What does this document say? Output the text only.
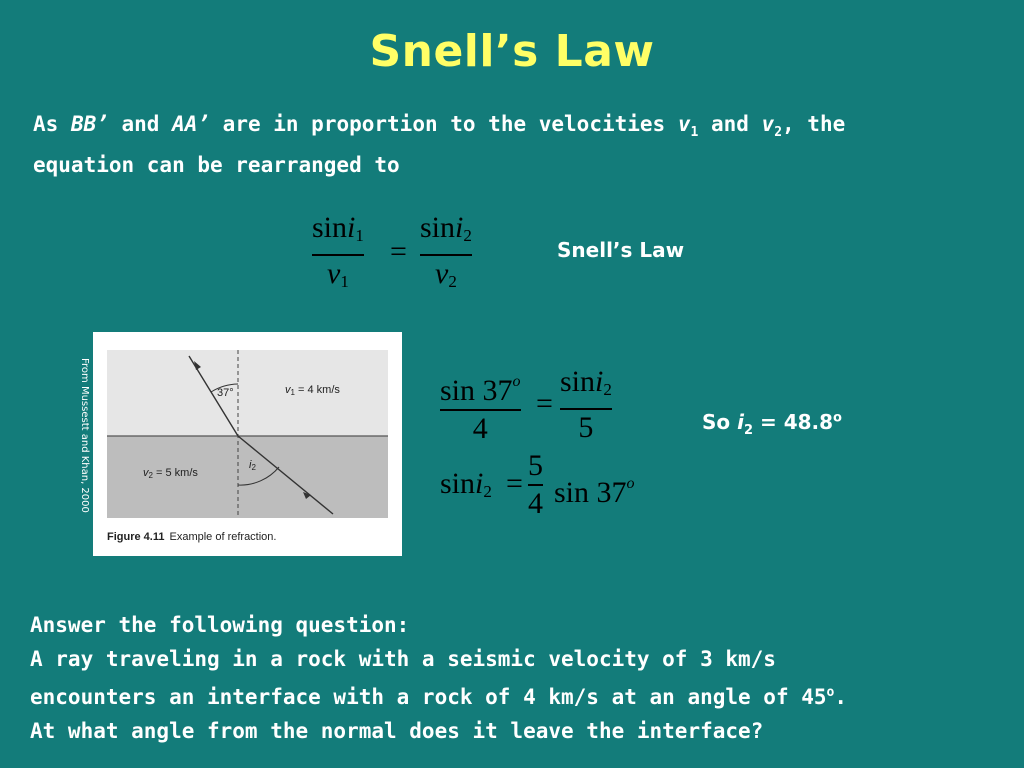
Snell’s Law
As BB’ and AA’ are in proportion to the velocities $v_1$ and $v_2$, the
equation can be rearranged to
sini$_1$
$v_1$
=
sini$_2$
$v_2$
Snell’s Law
From Mussestt and Khan, 2000	37°	v1 = 4 km/s
v2 = 5 km/s
i2
Figure 4.11 Example of refraction.
sin 37$^o$
4
=
sini$_2$
5
sini$_2$ =
5
4 sin 37$^o$
So $i_2 = 48.8^o$
Answer the following question:
A ray traveling in a rock with a seismic velocity of 3 km/s
encounters an interface with a rock of 4 km/s at an angle of 45$^o$.
At what angle from the normal does it leave the interface?
